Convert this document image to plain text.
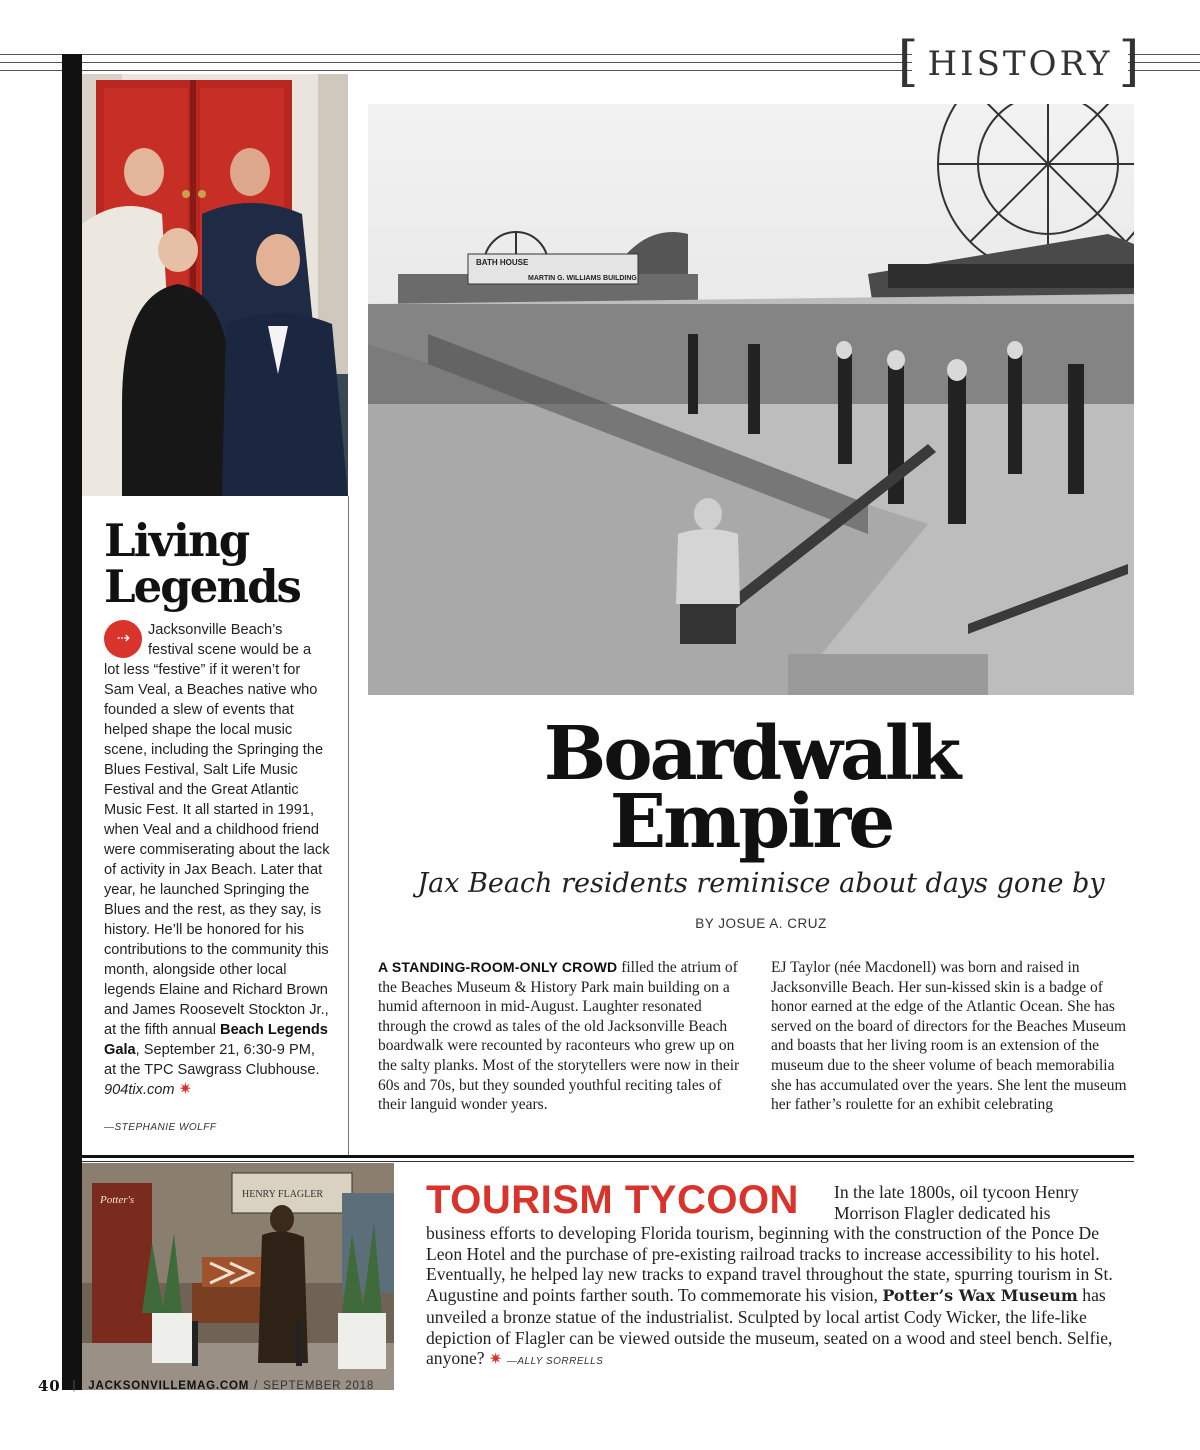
[ HISTORY ]
BATH HOUSE
MARTIN G. WILLIAMS BUILDING
Living
Legends
⇢	Jacksonville Beach’s festival scene would be a lot less “festive” if it weren’t for Sam Veal, a Beaches native who founded a slew of events that helped shape the local music scene, including the Springing the Blues Festival, Salt Life Music Festival and the Great Atlantic Music Fest. It all started in 1991, when Veal and a childhood friend were commiserating about the lack of activity in Jax Beach. Later that year, he launched Springing the Blues and the rest, as they say, is history. He’ll be honored for his contributions to the community this month, alongside other local legends Elaine and Richard Brown and James Roosevelt Stockton Jr., at the fifth annual Beach Legends Gala, September 21, 6:30-9 PM, at the TPC Sawgrass Clubhouse. 904tix.com ✷
—STEPHANIE WOLFF
Boardwalk
Empire
Jax Beach residents reminisce about days gone by
BY JOSUE A. CRUZ
A STANDING-ROOM-ONLY CROWD filled the atrium of the Beaches Museum & History Park main building on a humid afternoon in mid-August. Laughter resonated through the crowd as tales of the old Jacksonville Beach boardwalk were recounted by raconteurs who grew up on the salty planks. Most of the storytellers were now in their 60s and 70s, but they sounded youthful reciting tales of their languid wonder years.
EJ Taylor (née Macdonell) was born and raised in Jacksonville Beach. Her sun-kissed skin is a badge of honor earned at the edge of the Atlantic Ocean. She has served on the board of directors for the Beaches Museum and boasts that her living room is an extension of the museum due to the sheer volume of beach memorabilia she has accumulated over the years. She lent the museum her father’s roulette for an exhibit celebrating
HENRY FLAGLER
Potter's	TOURISM TYCOON In the late 1800s, oil tycoon Henry Morrison Flagler dedicated his
business efforts to developing Florida tourism, beginning with the construction of the Ponce De Leon Hotel and the purchase of pre-existing railroad tracks to increase accessibility to his hotel. Eventually, he helped lay new tracks to expand travel throughout the state, spurring tourism in St. Augustine and points farther south. To commemorate his vision, Potter’s Wax Museum has unveiled a bronze statue of the industrialist. Sculpted by local artist Cody Wicker, the life-like depiction of Flagler can be viewed outside the museum, seated on a wood and steel bench. Selfie, anyone? ✷ —ALLY SORRELLS
40 | JACKSONVILLEMAG.COM / SEPTEMBER 2018
